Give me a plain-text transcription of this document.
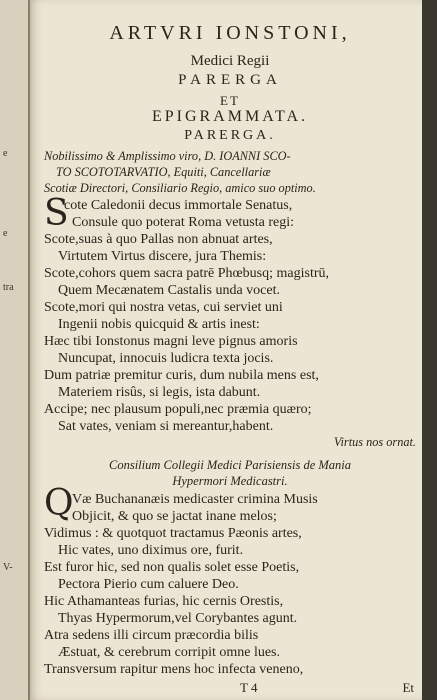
e
e
tra
V-
ARTVRI IONSTONI,
Medici Regii
PARERGA
ET
EPIGRAMMATA.
PARERGA.
Nobilissimo & Amplissimo viro, D. IOANNI SCO-
TO SCOTOTARVATIO, Equiti, Cancellariæ
Scotiæ Directori, Consiliario Regio, amico suo optimo.
S
cote Caledonii decus immortale Senatus,
Consule quo poterat Roma vetusta regi:
Scote,suas à quo Pallas non abnuat artes,
Virtutem Virtus discere, jura Themis:
Scote,cohors quem sacra patrē Phœbusq; magistrū,
Quem Mecænatem Castalis unda vocet.
Scote,mori qui nostra vetas, cui serviet uni
Ingenii nobis quicquid & artis inest:
Hæc tibi Ionstonus magni leve pignus amoris
Nuncupat, innocuis ludicra texta jocis.
Dum patriæ premitur curis, dum nubila mens est,
Materiem risûs, si legis, ista dabunt.
Accipe; nec plausum populi,nec præmia quæro;
Sat vates, veniam si mereantur,habent.
Virtus nos ornat.
Consilium Collegii Medici Parisiensis de Mania
Hypermori Medicastri.
Q
Væ Buchananæis medicaster crimina Musis
Objicit, & quo se jactat inane melos;
Vidimus : & quotquot tractamus Pæonis artes,
Hic vates, uno diximus ore, furit.
Est furor hic, sed non qualis solet esse Poetis,
Pectora Pierio cum caluere Deo.
Hic Athamanteas furias, hic cernis Orestis,
Thyas Hypermorum,vel Corybantes agunt.
Atra sedens illi circum præcordia bilis
Æstuat, & cerebrum corripit omne lues.
Transversum rapitur mens hoc infecta veneno,
T 4	Et
